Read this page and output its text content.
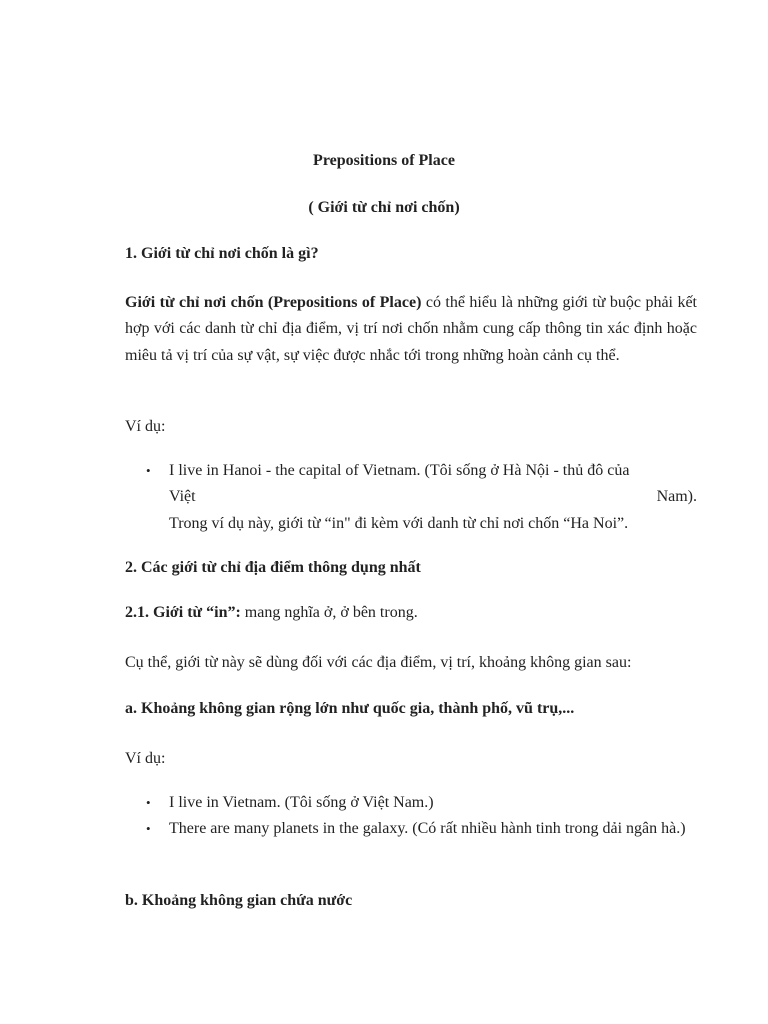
Prepositions of Place
( Giới từ chỉ nơi chốn)
1. Giới từ chỉ nơi chốn là gì?

Giới từ chỉ nơi chốn (Prepositions of Place) có thể hiểu là những giới từ buộc phải kết hợp với các danh từ chỉ địa điểm, vị trí nơi chốn nhằm cung cấp thông tin xác định hoặc miêu tả vị trí của sự vật, sự việc được nhắc tới trong những hoàn cảnh cụ thể.

Ví dụ:
• I live in Hanoi - the capital of Vietnam. (Tôi sống ở Hà Nội - thủ đô của
Việt	Nam).
Trong ví dụ này, giới từ “in" đi kèm với danh từ chỉ nơi chốn “Ha Noi”.
2. Các giới từ chỉ địa điểm thông dụng nhất
2.1. Giới từ “in”: mang nghĩa ở, ở bên trong.
Cụ thể, giới từ này sẽ dùng đối với các địa điểm, vị trí, khoảng không gian sau:
a. Khoảng không gian rộng lớn như quốc gia, thành phố, vũ trụ,...
Ví dụ:
• I live in Vietnam. (Tôi sống ở Việt Nam.)
• There are many planets in the galaxy. (Có rất nhiều hành tinh trong dải ngân hà.)
b. Khoảng không gian chứa nước
